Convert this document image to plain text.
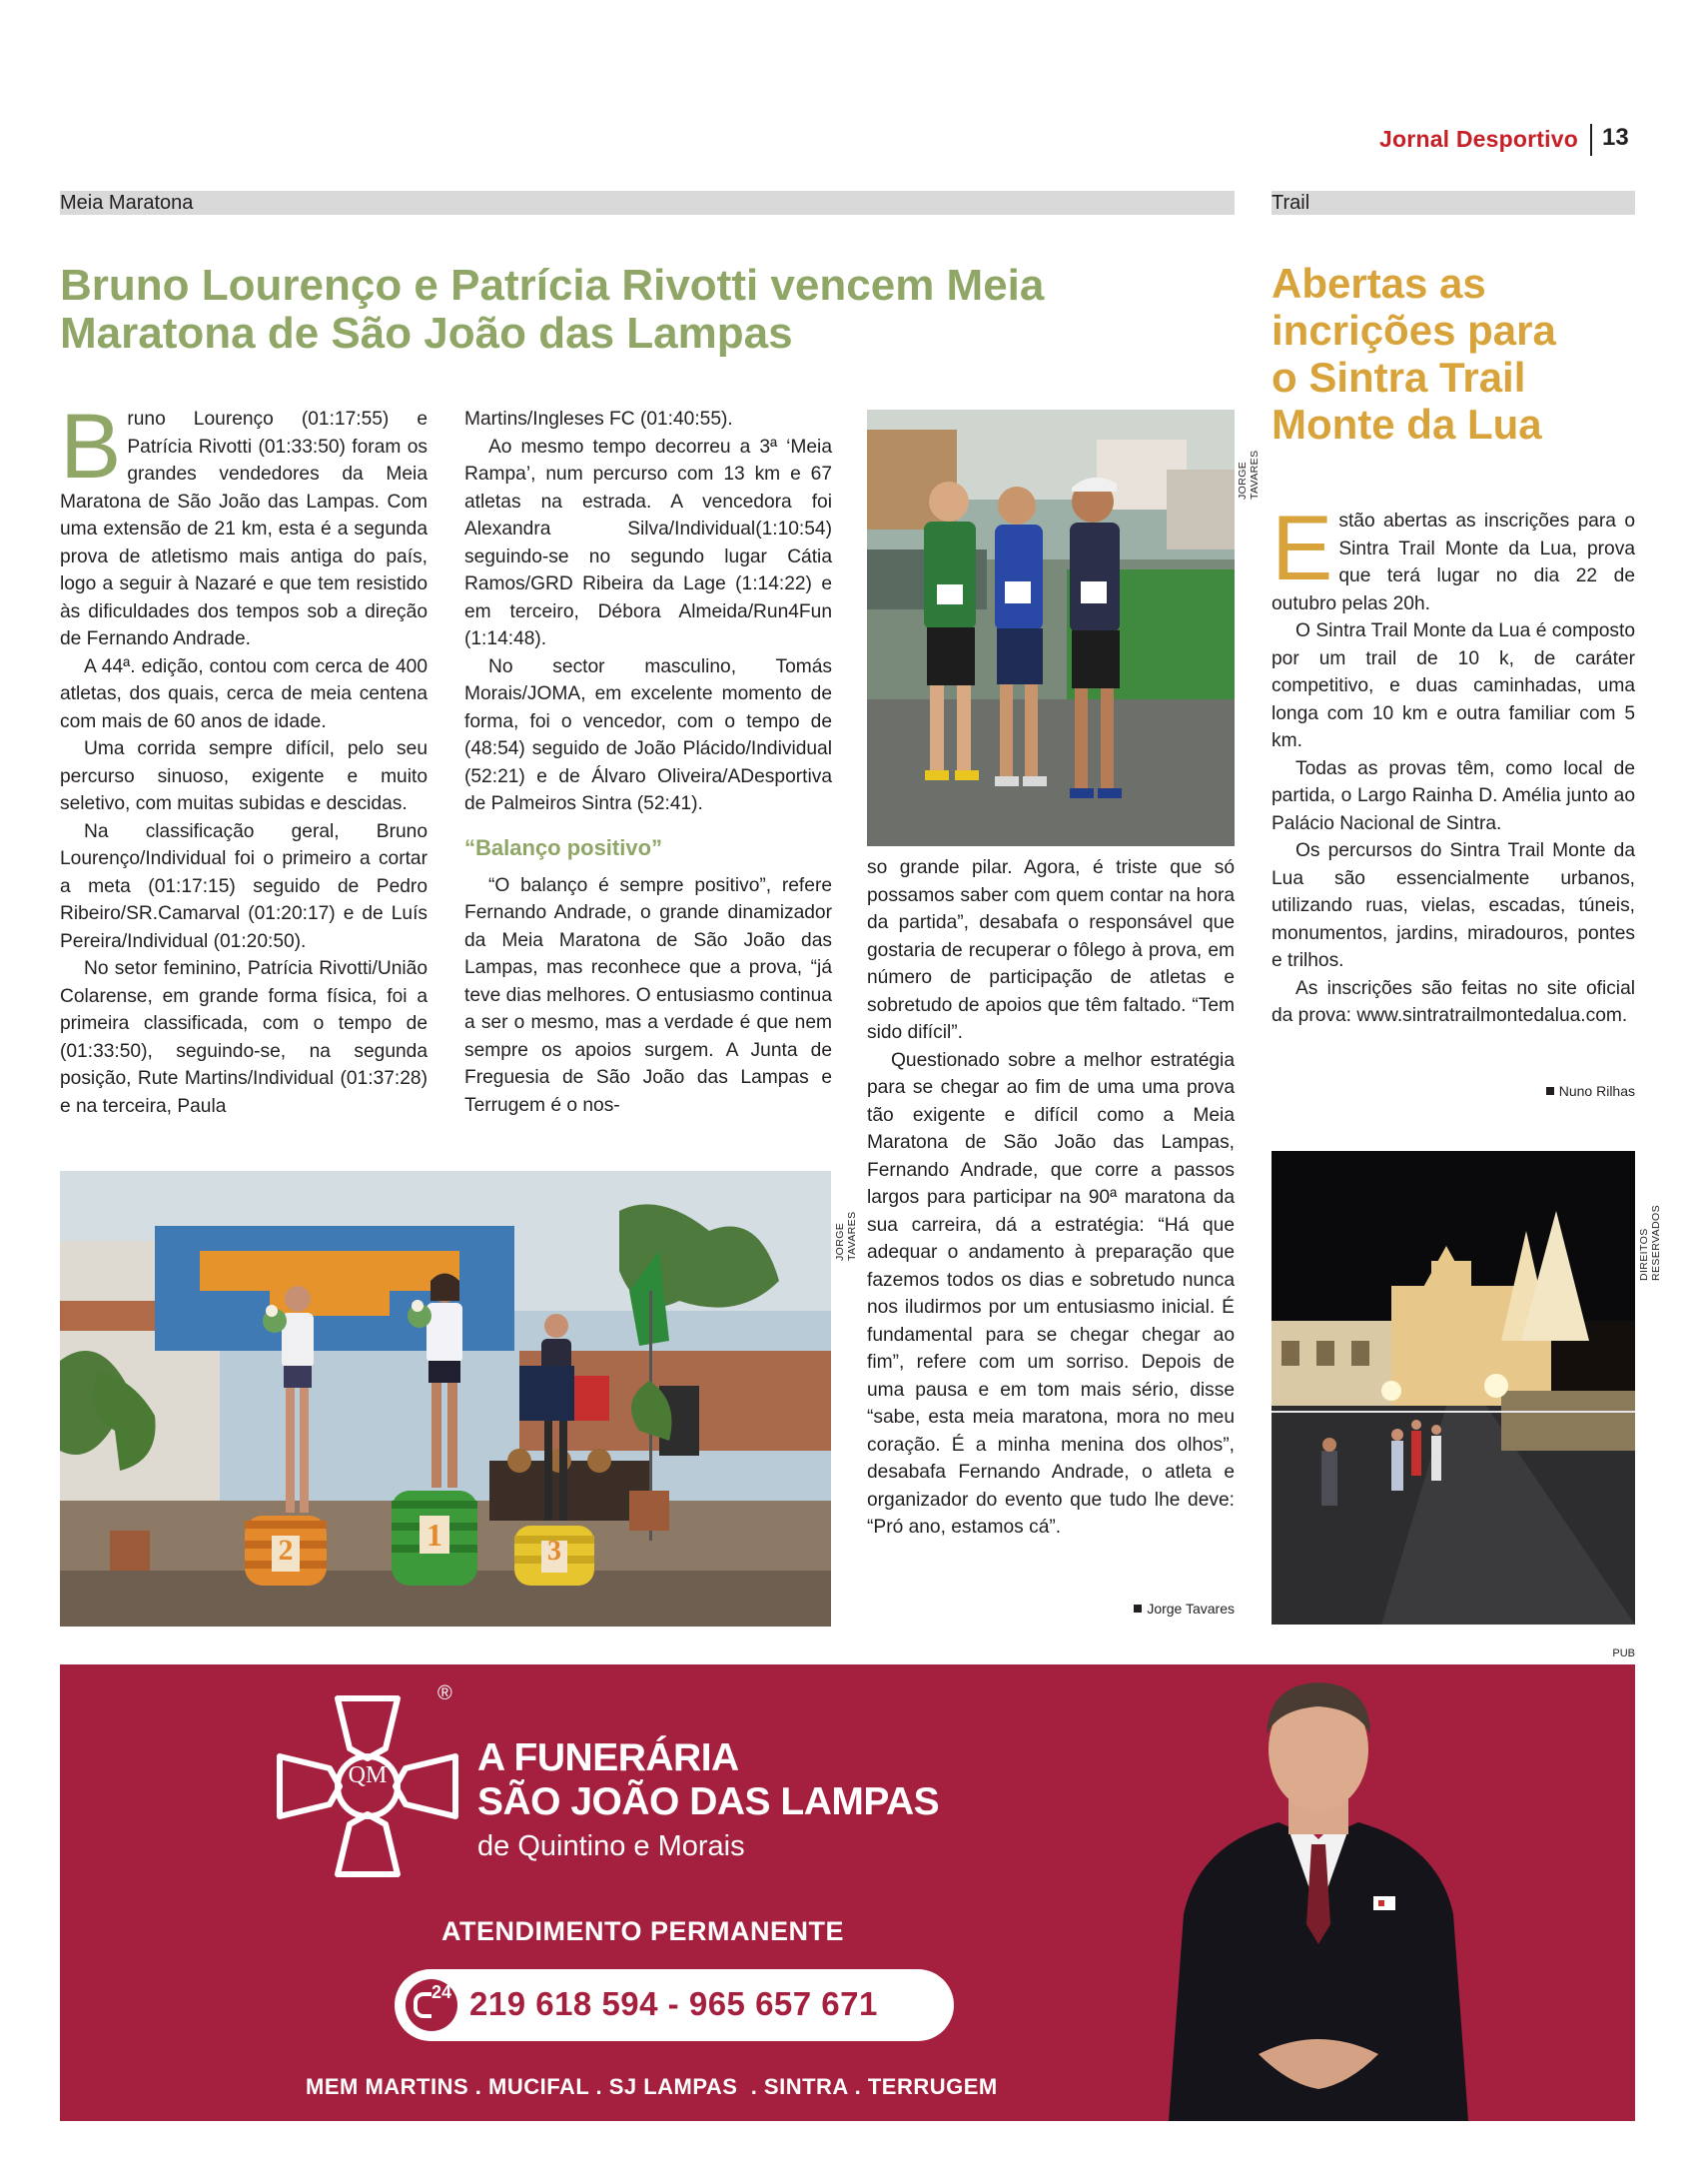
Jornal Desportivo 13
Meia Maratona	Trail
Bruno Lourenço e Patrícia Rivotti vencem Meia
Maratona de São João das Lampas

Bruno Lourenço (01:17:55) e Patrícia Rivotti (01:33:50) foram os grandes vendedores da Meia Maratona de São João das Lampas. Com uma extensão de 21 km, esta é a segunda prova de atletismo mais antiga do país, logo a seguir à Nazaré e que tem resistido às dificuldades dos tempos sob a direção de Fernando Andrade.

A 44ª. edição, contou com cerca de 400 atletas, dos quais, cerca de meia centena com mais de 60 anos de idade.

Uma corrida sempre difícil, pelo seu percurso sinuoso, exigente e muito seletivo, com muitas subidas e descidas.

Na classificação geral, Bruno Lourenço/Individual foi o primeiro a cortar a meta (01:17:15) seguido de Pedro Ribeiro/SR.Camarval (01:20:17) e de Luís Pereira/Individual (01:20:50).

No setor feminino, Patrícia Rivotti/União Colarense, em grande forma física, foi a primeira classificada, com o tempo de (01:33:50), seguindo-se, na segunda posição, Rute Martins/Individual (01:37:28) e na terceira, Paula

Martins/Ingleses FC (01:40:55).

Ao mesmo tempo decorreu a 3ª ‘Meia Rampa’, num percurso com 13 km e 67 atletas na estrada. A vencedora foi Alexandra Silva/Individual(1:10:54) seguindo-se no segundo lugar Cátia Ramos/GRD Ribeira da Lage (1:14:22) e em terceiro, Débora Almeida/Run4Fun (1:14:48).

No sector masculino, Tomás Morais/JOMA, em excelente momento de forma, foi o vencedor, com o tempo de (48:54) seguido de João Plácido/Individual (52:21) e de Álvaro Oliveira/ADesportiva de Palmeiros Sintra (52:41).

“Balanço positivo”

“O balanço é sempre positivo”, refere Fernando Andrade, o grande dinamizador da Meia Maratona de São João das Lampas, mas reconhece que a prova, “já teve dias melhores. O entusiasmo continua a ser o mesmo, mas a verdade é que nem sempre os apoios surgem. A Junta de Freguesia de São João das Lampas e Terrugem é o nos-

JORGE TAVARES

so grande pilar. Agora, é triste que só possamos saber com quem contar na hora da partida”, desabafa o responsável que gostaria de recuperar o fôlego à prova, em número de participação de atletas e sobretudo de apoios que têm faltado. “Tem sido difícil”.

Questionado sobre a melhor estratégia para se chegar ao fim de uma uma prova tão exigente e difícil como a Meia Maratona de São João das Lampas, Fernando Andrade, que corre a passos largos para participar na 90ª maratona da sua carreira, dá a estratégia: “Há que adequar o andamento à preparação que fazemos todos os dias e sobretudo nunca nos iludirmos por um entusiasmo inicial. É fundamental para se chegar chegar ao fim”, refere com um sorriso. Depois de uma pausa e em tom mais sério, disse “sabe, esta meia maratona, mora no meu coração. É a minha menina dos olhos”, desabafa Fernando Andrade, o atleta e organizador do evento que tudo lhe deve: “Pró ano, estamos cá”.

Jorge Tavares
2	1	3
JORGE TAVARES
Abertas as
incrições para
o Sintra Trail
Monte da Lua

Estão abertas as inscrições para o Sintra Trail Monte da Lua, prova que terá lugar no dia 22 de outubro pelas 20h.

O Sintra Trail Monte da Lua é composto por um trail de 10 k, de caráter competitivo, e duas caminhadas, uma longa com 10 km e outra familiar com 5 km.

Todas as provas têm, como local de partida, o Largo Rainha D. Amélia junto ao Palácio Nacional de Sintra.

Os percursos do Sintra Trail Monte da Lua são essencialmente urbanos, utilizando ruas, vielas, escadas, túneis, monumentos, jardins, miradouros, pontes e trilhos.

As inscrições são feitas no site oficial da prova: www.sintratrailmontedalua.com.

Nuno Rilhas
DIREITOS RESERVADOS
PUB
QM
®
A FUNERÁRIA
SÃO JOÃO DAS LAMPAS
de Quintino e Morais
ATENDIMENTO PERMANENTE
24 219 618 594 - 965 657 671
MEM MARTINS . MUCIFAL . SJ LAMPAS  . SINTRA . TERRUGEM
